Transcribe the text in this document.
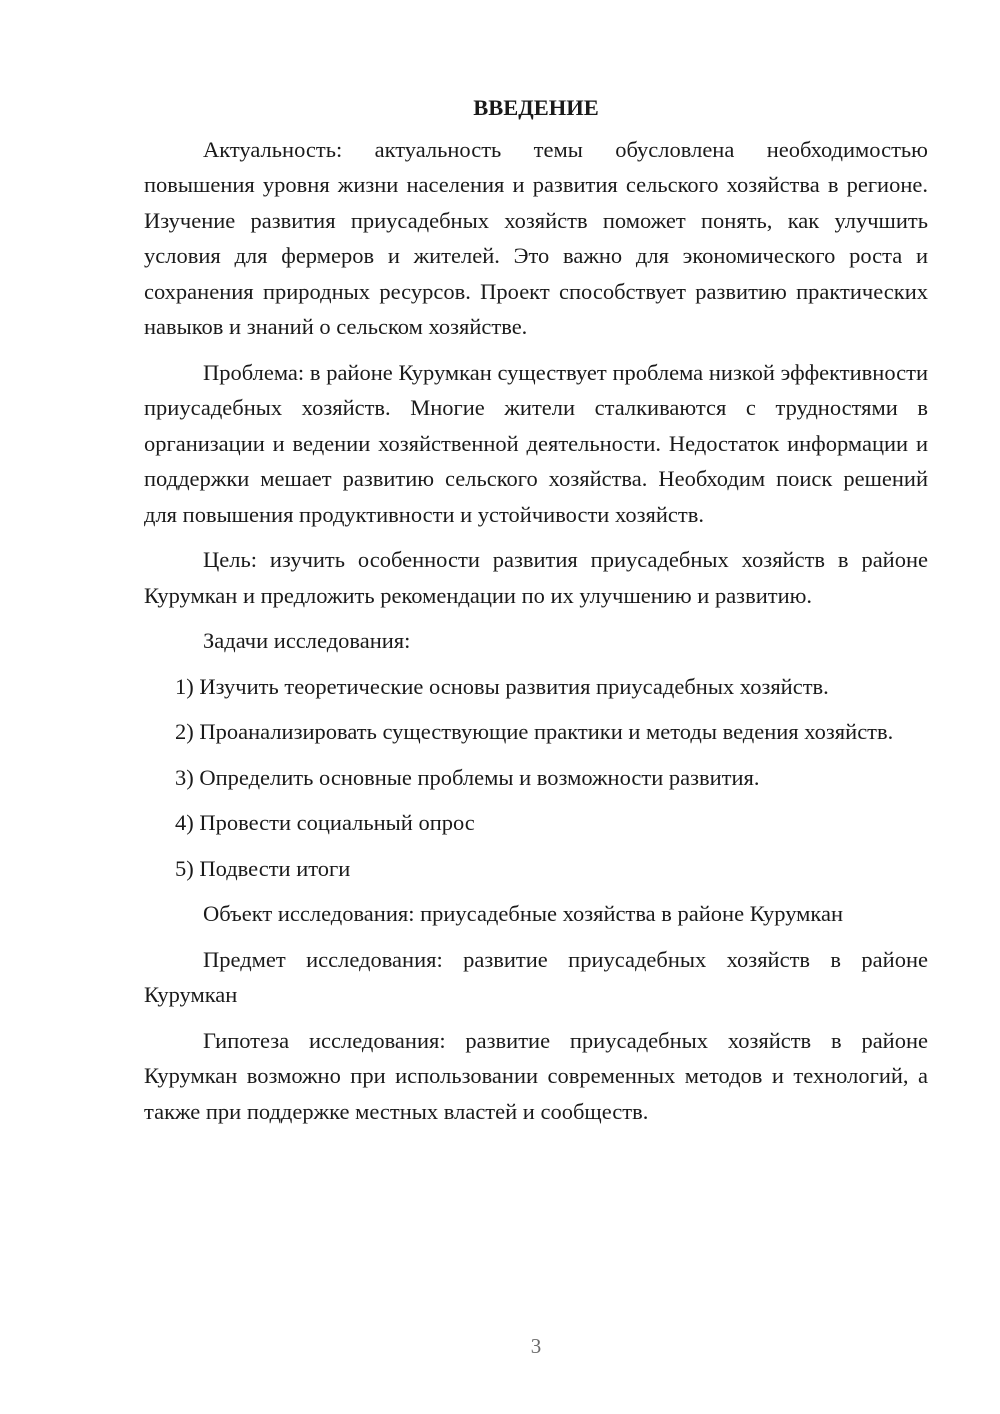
ВВЕДЕНИЕ

Актуальность: актуальность темы обусловлена необходимостью повышения уровня жизни населения и развития сельского хозяйства в регионе. Изучение развития приусадебных хозяйств поможет понять, как улучшить условия для фермеров и жителей. Это важно для экономического роста и сохранения природных ресурсов. Проект способствует развитию практических навыков и знаний о сельском хозяйстве.

Проблема: в районе Курумкан существует проблема низкой эффективности приусадебных хозяйств. Многие жители сталкиваются с трудностями в организации и ведении хозяйственной деятельности. Недостаток информации и поддержки мешает развитию сельского хозяйства. Необходим поиск решений для повышения продуктивности и устойчивости хозяйств.

Цель: изучить особенности развития приусадебных хозяйств в районе Курумкан и предложить рекомендации по их улучшению и развитию.

Задачи исследования:

1) Изучить теоретические основы развития приусадебных хозяйств.

2) Проанализировать существующие практики и методы ведения хозяйств.

3) Определить основные проблемы и возможности развития.

4) Провести социальный опрос

5) Подвести итоги

Объект исследования: приусадебные хозяйства в районе Курумкан

Предмет исследования: развитие приусадебных хозяйств в районе Курумкан

Гипотеза исследования: развитие приусадебных хозяйств в районе Курумкан возможно при использовании современных методов и технологий, а также при поддержке местных властей и сообществ.

3
